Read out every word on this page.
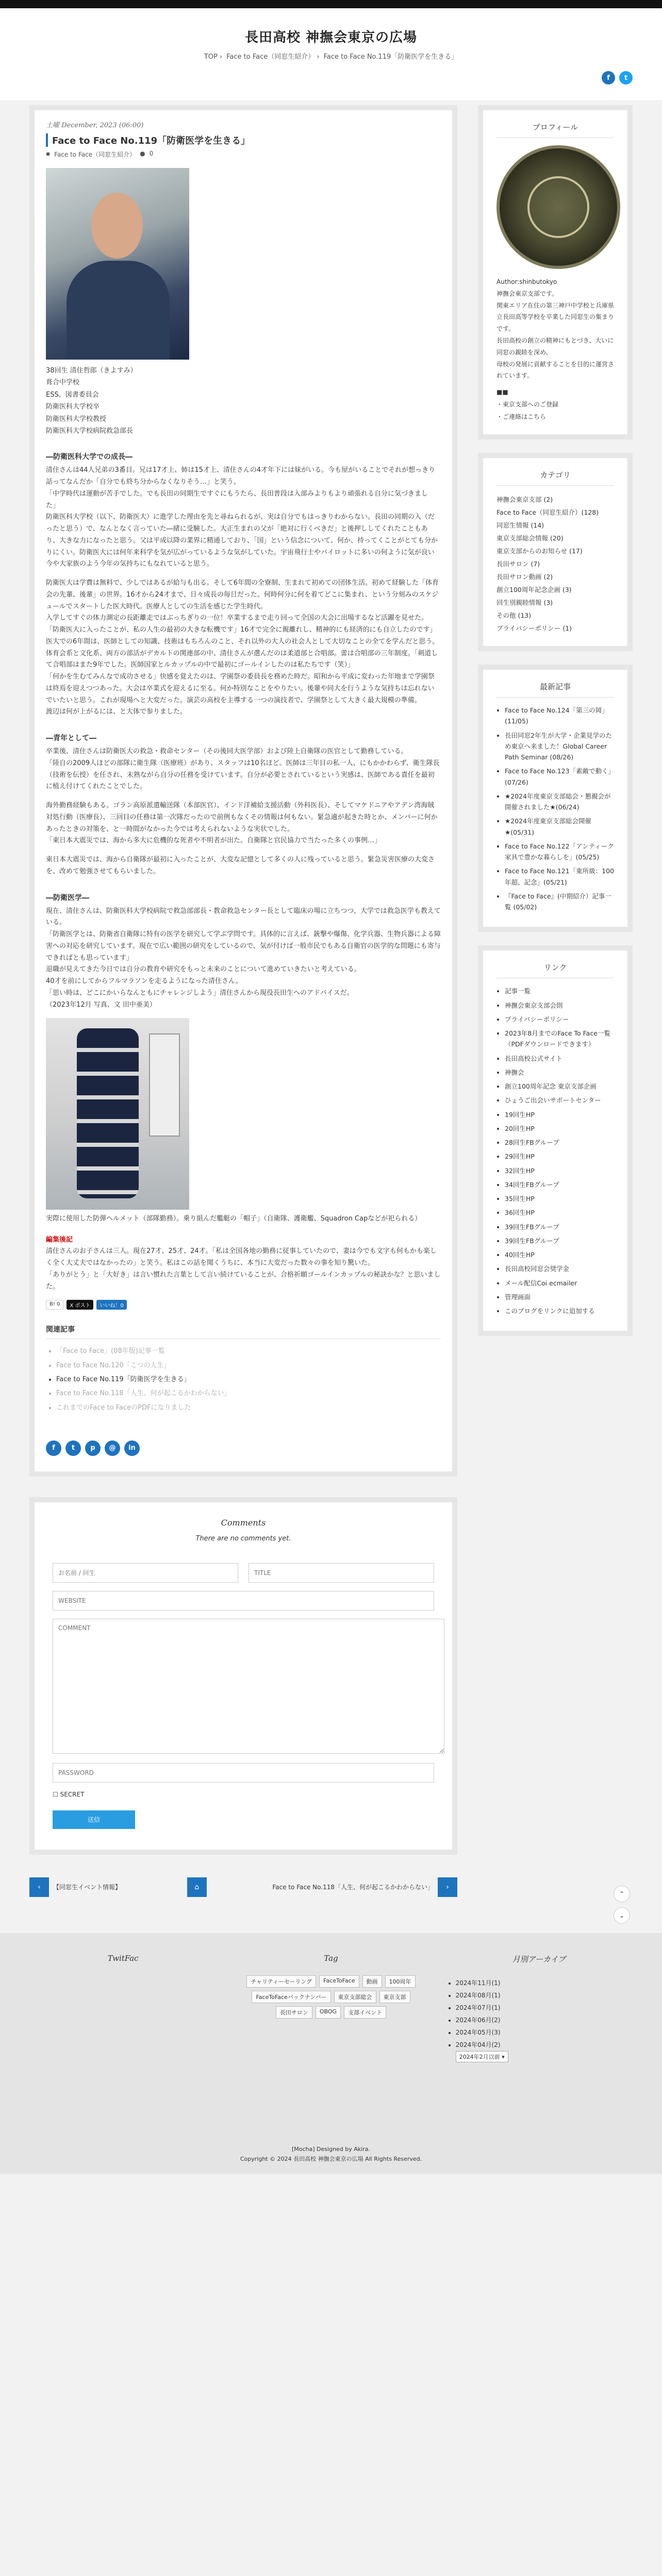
長田高校 神撫会東京の広場
TOP › Face to Face（同窓生紹介） › Face to Face No.119「防衛医学を生きる」
f	t
土曜 December, 2023 (06:00)
Face to Face No.119「防衛医学を生きる」
▪ Face to Face（同窓生紹介） ● 0

38回生 清住哲郎（きよすみ）

葺合中学校

ESS、図書委員会

防衛医科大学校卒

防衛医科大学校教授

防衛医科大学校病院救急部長

―防衛医科大学での成長―

清住さんは44人兄弟の3番目。兄は17才上、姉は15才上、清住さんの4才年下には妹がいる。今も屋がいることでそれが想っきり話ってなんだか「自分でも終ち分からなくなりそう…」と笑う。
「中学時代は運動が苦手でした。でも長田の同期生ですぐにもうたら、長田普段は入部みよりもより頑張れる自分に気づきました」
防衛医科大学校（以下、防衛医大）に進学した理由を先と尋ねられるが、実は自分でもはっきりわからない。長田の同期の入（だったと思う）で、なんとなく言っていた―緒に受験した。大正生まれの父が「絶対に行くべきだ」と後押ししてくれたこともあり、大きな力になったと思う。父は平成以降の業界に精通しており、「国」という信念について、何か、持ってくことがとても分かりにくい。防衛医大には何年来科学を気が広がっているような気がしていた。宇宙飛行士やパイロットに多いの何ように気が良い今や大家族のよう今年の気持ちにもなれていると思う。

防衛医大は学費は無料で、少しではあるが給与も出る。そして6年間の全寮制、生まれて初めての団体生活。初めて経験した「体育会の先輩、後輩」の世界。16才から24才まで、日々成長の毎日だった。何時何分に何を着てどこに集まれ、という分刻みのスケジュールでスタートした医大時代。医療人としての生活を感じた学生時代。
入学してすぐの体力測定の長距離走ではぶっちぎりの一位！卒業するまで走り回って全国の大会に出場するなど活躍を見せた。
「防衛医大に入ったことが、私の人生の最初の大きな転機です」16才で完全に親離れし、精神的にも経済的にも自立したのです」
医大での6年間は、医師としての知識、技術はもちろんのこと、それ以外の大人の社会人として大切なことの全てを学んだと思う。
体育会系と文化系、両方の部活がデカルトの関連部の中、清住さんが選んだのは柔道部と合唱部。蕾は合唱部の三年制度。「剣道して合唱部はまた9年でした。医師国家とルカップルの中で最初にゴールインしたのは私たちです（笑）」
「何かを生むてみんなで成功させる」快感を覚えたのは、学園祭の委員長を務めた時だ。昭和から平成に変わった年地まで学園祭は終焉を迎えつつあった。大会は卒業式を迎えるに至る。何か特別なことをやりたい。後輩や同大を行うような気持ちは忘れないでいたいと思う。これが現場へと大変だった。演芸の高校を主導する一つの演技者で、学園祭として大きく最大規模の準備。
渡辺は何が上がるには、と大体で参りました。

―青年として―

卒業後、清住さんは防衛医大の救急・救命センター（その後同大医学部）および陸上自衛隊の医官として勤務している。
「陸自の2009人ほどの部隊に衛生隊（医療班）があり、スタッフは10名ほど。医師は三年目の私一人、にもかかわらず、衛生隊長（技術を伝授）を任され、未熟ながら自分の任務を受けています。自分が必要とされているという実感は、医師である責任を最初に植え付けてくれたことでした。

海外勤務経験もある。ゴラン高原派遣輸送隊（本部医官）、インド洋補給支援活動（外科医長）、そしてマケドニアやアデン湾海賊対処行動（医療長）、三回目の任務は第一次隊だったので前例もなくその情報は何もない。緊急適が起きた時とか、メンバーに何かあったときの対策を、と一時間がなかった今では考えられないような実状でした。
「東日本大震災では、海から多大に危機的な死者や不明者が出た。自衛隊と官民協力で当たった多くの事例…」

東日本大震災では、海から自衛隊が最初に入ったことが、大変な記憶として多くの人に残っていると思う。緊急災害医療の大変さを、改めて勉強させてもらいました。

―防衛医学―

現在、清住さんは、防衛医科大学校病院で救急部部長・教命救急センター長として臨床の場に立ちつつ、大学では救急医学も教えている。
「防衛医学とは、防衛省自衛隊に特有の医学を研究して学ぶ学問です。具体的に言えば、銃撃や爆傷、化学兵器、生物兵器による障害への対応を研究しています。現在で広い範囲の研究をしているので、気が付けば一般市民でもある自衛官の医学的な問題にも寄与できればとも思っています」
退職が見えてきた今日では自分の教育や研究をもっと未来のことについて進めていきたいと考えている。
40才を前にしてからフルマラソンを走るようになった清住さん。
「思い時は、どこにかいらなんともにチャレンジしよう」清住さんから現役長田生へのアドバイスだ。
（2023年12月 写真、文 田中亜美）

実際に使用した防弾ヘルメット（部隊勤務）。乗り組んだ艦艇の「帽子」（自衛隊、護衛艦、Squadron Capなどが祀られる）

編集後記

清住さんのお子さんは三人。現在27才、25才、24才。「私は全国各地の勤務に従事していたので、妻は今でも文字も何もかも楽しく全く大丈夫ではなかったの」と笑う。私はこの話を聞くうちに、本当に大変だった数々の事を知り驚いた。
「ありがとう」と「大好き」は言い慣れた言葉として言い続けていることが、合格祈願ゴールインカップルの秘訣かな？と思いました。

B! 0	X ポスト	いいね！0
関連記事
• 「Face to Face」(08年版)記事一覧
• Face to Face No.120「こつの人生」
• Face to Face No.119「防衛医学を生きる」
• Face to Face No.118「人生、何が起こるかわからない」
• これまでのFace to FaceのPDFになりました
f	t	p	@	in
Comments
There are no comments yet.
お名前 / 回生
TITLE
WEBSITE
COMMENT
PASSWORD
☐ SECRET
送信
‹	【同窓生イベント情報】	⌂	Face to Face No.118「人生、何が起こるかわからない」	›
プロフィール

Author:shinbutokyo

神撫会東京支部です。

関東エリア在住の第三神戸中学校と兵庫県立長田高等学校を卒業した同窓生の集まりです。

長田高校の創立の精神にもとづき、大いに同窓の親睦を深め、

母校の発展に貢献することを目的に運営されています。

■■

・東京支部へのご登録

・ご連絡はこちら

カテゴリ
神撫会東京支部 (2)
Face to Face（同窓生紹介）(128)
同窓生情報 (14)
東京支部総会情報 (20)
東京支部からのお知らせ (17)
長田サロン (7)
長田サロン動画 (2)
創立100周年記念企画 (3)
回生別親睦情報 (3)
その他 (13)
プライバシーポリシー (1)
最新記事
• Face to Face No.124「第三の岡」(11/05)
• 長田同窓2年生が大学・企業見学のため東京へ来ました！Global Career Path Seminar (08/26)
• Face to Face No.123「素敵で動く」(07/26)
• ★2024年度東京支部総会・懇親会が開催されました★(06/24)
• ★2024年度東京支部総会開催★(05/31)
• Face to Face No.122「アンティーク家具で豊かな暮らしを」(05/25)
• Face to Face No.121「東所級：100年超、記念」(05/21)
• 『Face to Face』(中期紹介）記事一覧 (05/02)
リンク
• 記事一覧
• 神撫会東京支部会則
• プライバシーポリシー
• 2023年8月までのFace To Face一覧（PDFダウンロードできます）
• 長田高校公式サイト
• 神撫会
• 創立100周年記念 東京支部企画
• ひょうご出会いサポートセンター
• 19回生HP
• 20回生HP
• 28回生FBグループ
• 29回生HP
• 32回生HP
• 34回生FBグループ
• 35回生HP
• 36回生HP
• 39回生FBグループ
• 39回生FBグループ
• 40回生HP
• 長田高校同窓会奨学金
• メール配信Coi ecmailer
• 管理画面
• このブログをリンクに追加する
⌃
⌄
TwitFac	Tag
チャリティーセーリング	FaceToFace	動画	100周年
FaceToFaceバックナンバー	東京支部総会	東京支部
長田サロン	OBOG	支部イベント
月別アーカイブ
• 2024年11月(1)
• 2024年08月(1)
• 2024年07月(1)
• 2024年06月(2)
• 2024年05月(3)
• 2024年04月(2)
2024年2月以前 ▾

[Mocha] Designed by Akira.

Copyright © 2024 長田高校 神撫会東京の広場 All Rights Reserved.
